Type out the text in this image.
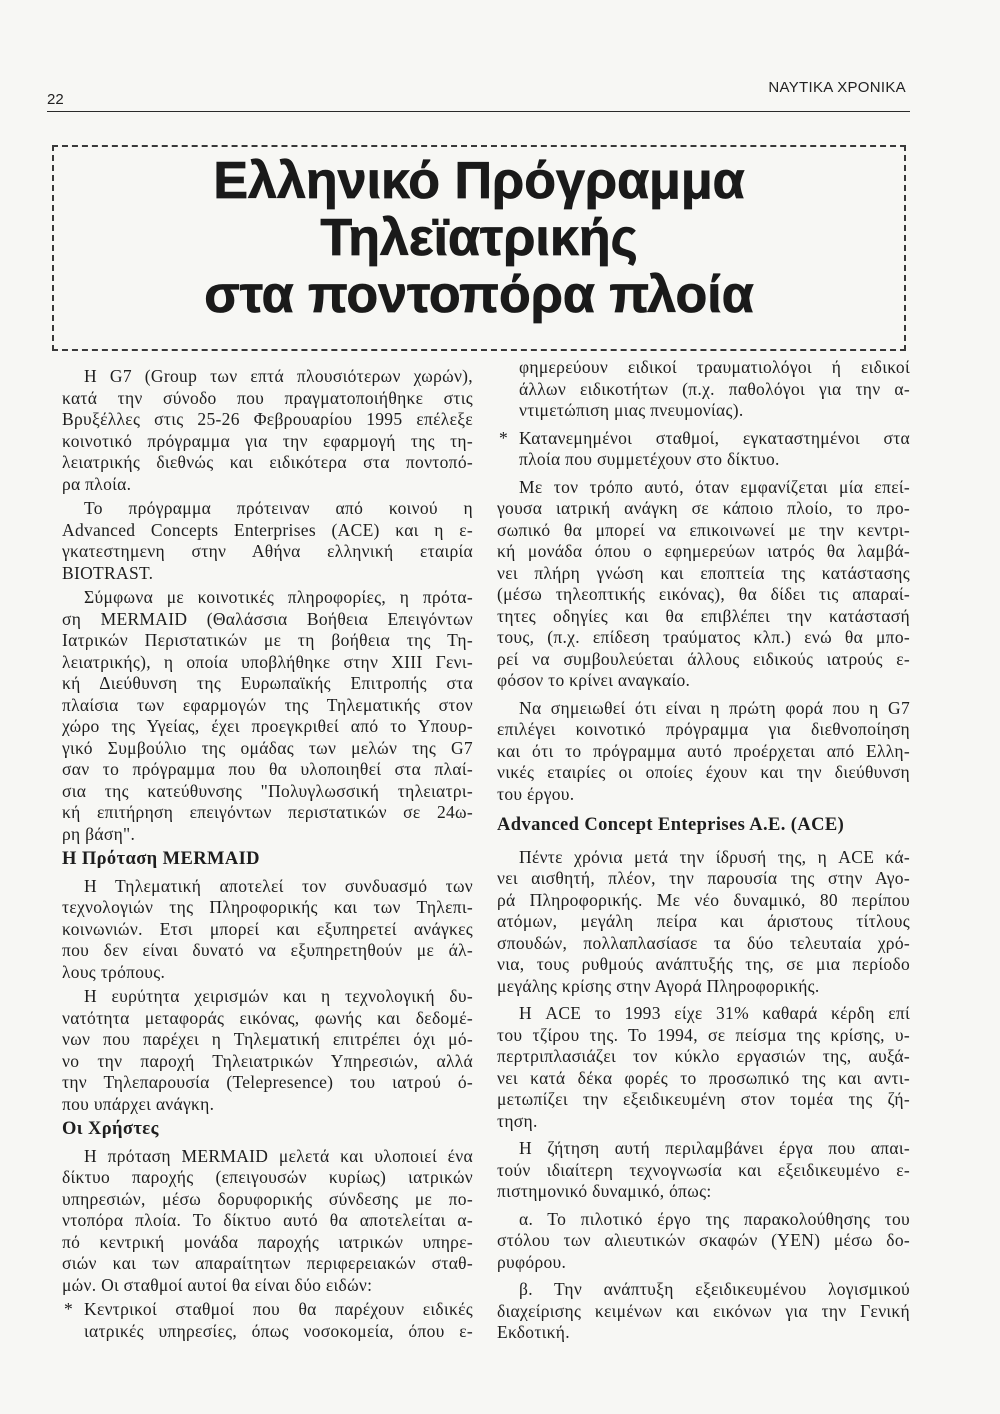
22
ΝΑΥΤΙΚΑ ΧΡΟΝΙΚΑ
Ελληνικό Πρόγραμμα
Τηλεϊατρικής
στα ποντοπόρα πλοία
Η G7 (Group των επτά πλουσιότερων χωρών),
κατά την σύνοδο που πραγματοποιήθηκε στις
Βρυξέλλες στις 25-26 Φεβρουαρίου 1995 επέλεξε
κοινοτικό πρόγραμμα για την εφαρμογή της τη-
λειατρικής διεθνώς και ειδικότερα στα ποντοπό-
ρα πλοία.
Το πρόγραμμα πρότειναν από κοινού η
Advanced Concepts Enterprises (ACE) και η ε-
γκατεστημενη στην Αθήνα ελληνική εταιρία
BIOTRAST.
Σύμφωνα με κοινοτικές πληροφορίες, η πρότα-
ση MERMAID (Θαλάσσια Βοήθεια Επειγόντων
Ιατρικών Περιστατικών με τη βοήθεια της Τη-
λειατρικής), η οποία υποβλήθηκε στην XIII Γενι-
κή Διεύθυνση της Ευρωπαϊκής Επιτροπής στα
πλαίσια των εφαρμογών της Τηλεματικής στον
χώρο της Υγείας, έχει προεγκριθεί από το Υπουρ-
γικό Συμβούλιο της ομάδας των μελών της G7
σαν το πρόγραμμα που θα υλοποιηθεί στα πλαί-
σια της κατεύθυνσης "Πολυγλωσσική τηλειατρι-
κή επιτήρηση επειγόντων περιστατικών σε 24ω-
ρη βάση".
Η Πρόταση MERMAID
Η Τηλεματική αποτελεί τον συνδυασμό των
τεχνολογιών της Πληροφορικής και των Τηλεπι-
κοινωνιών. Ετσι μπορεί και εξυπηρετεί ανάγκες
που δεν είναι δυνατό να εξυπηρετηθούν με άλ-
λους τρόπους.
Η ευρύτητα χειρισμών και η τεχνολογική δυ-
νατότητα μεταφοράς εικόνας, φωνής και δεδομέ-
νων που παρέχει η Τηλεματική επιτρέπει όχι μό-
νο την παροχή Τηλειατρικών Υπηρεσιών, αλλά
την Τηλεπαρουσία (Telepresence) του ιατρού ό-
που υπάρχει ανάγκη.
Οι Χρήστες
Η πρόταση MERMAID μελετά και υλοποιεί ένα
δίκτυο παροχής (επειγουσών κυρίως) ιατρικών
υπηρεσιών, μέσω δορυφορικής σύνδεσης με πο-
ντοπόρα πλοία. Το δίκτυο αυτό θα αποτελείται α-
πό κεντρική μονάδα παροχής ιατρικών υπηρε-
σιών και των απαραίτητων περιφερειακών σταθ-
μών. Οι σταθμοί αυτοί θα είναι δύο ειδών:
* Κεντρικοί σταθμοί που θα παρέχουν ειδικές
ιατρικές υπηρεσίες, όπως νοσοκομεία, όπου ε-
φημερεύουν ειδικοί τραυματιολόγοι ή ειδικοί
άλλων ειδικοτήτων (π.χ. παθολόγοι για την α-
ντιμετώπιση μιας πνευμονίας).
* Κατανεμημένοι σταθμοί, εγκαταστημένοι στα
πλοία που συμμετέχουν στο δίκτυο.
Με τον τρόπο αυτό, όταν εμφανίζεται μία επεί-
γουσα ιατρική ανάγκη σε κάποιο πλοίο, το προ-
σωπικό θα μπορεί να επικοινωνεί με την κεντρι-
κή μονάδα όπου ο εφημερεύων ιατρός θα λαμβά-
νει πλήρη γνώση και εποπτεία της κατάστασης
(μέσω τηλεοπτικής εικόνας), θα δίδει τις απαραί-
τητες οδηγίες και θα επιβλέπει την κατάστασή
τους, (π.χ. επίδεση τραύματος κλπ.) ενώ θα μπο-
ρεί να συμβουλεύεται άλλους ειδικούς ιατρούς ε-
φόσον το κρίνει αναγκαίο.
Να σημειωθεί ότι είναι η πρώτη φορά που η G7
επιλέγει κοινοτικό πρόγραμμα για διεθνοποίηση
και ότι το πρόγραμμα αυτό προέρχεται από Ελλη-
νικές εταιρίες οι οποίες έχουν και την διεύθυνση
του έργου.
Advanced Concept Enteprises A.E. (ACE)
Πέντε χρόνια μετά την ίδρυσή της, η ACE κά-
νει αισθητή, πλέον, την παρουσία της στην Αγο-
ρά Πληροφορικής. Με νέο δυναμικό, 80 περίπου
ατόμων, μεγάλη πείρα και άριστους τίτλους
σπουδών, πολλαπλασίασε τα δύο τελευταία χρό-
νια, τους ρυθμούς ανάπτυξής της, σε μια περίοδο
μεγάλης κρίσης στην Αγορά Πληροφορικής.
Η ACE το 1993 είχε 31% καθαρά κέρδη επί
του τζίρου της. Το 1994, σε πείσμα της κρίσης, υ-
περτριπλασιάζει τον κύκλο εργασιών της, αυξά-
νει κατά δέκα φορές το προσωπικό της και αντι-
μετωπίζει την εξειδικευμένη στον τομέα της ζή-
τηση.
Η ζήτηση αυτή περιλαμβάνει έργα που απαι-
τούν ιδιαίτερη τεχνογνωσία και εξειδικευμένο ε-
πιστημονικό δυναμικό, όπως:
α. Το πιλοτικό έργο της παρακολούθησης του
στόλου των αλιευτικών σκαφών (ΥΕΝ) μέσω δο-
ρυφόρου.
β. Την ανάπτυξη εξειδικευμένου λογισμικού
διαχείρισης κειμένων και εικόνων για την Γενική
Εκδοτική.
